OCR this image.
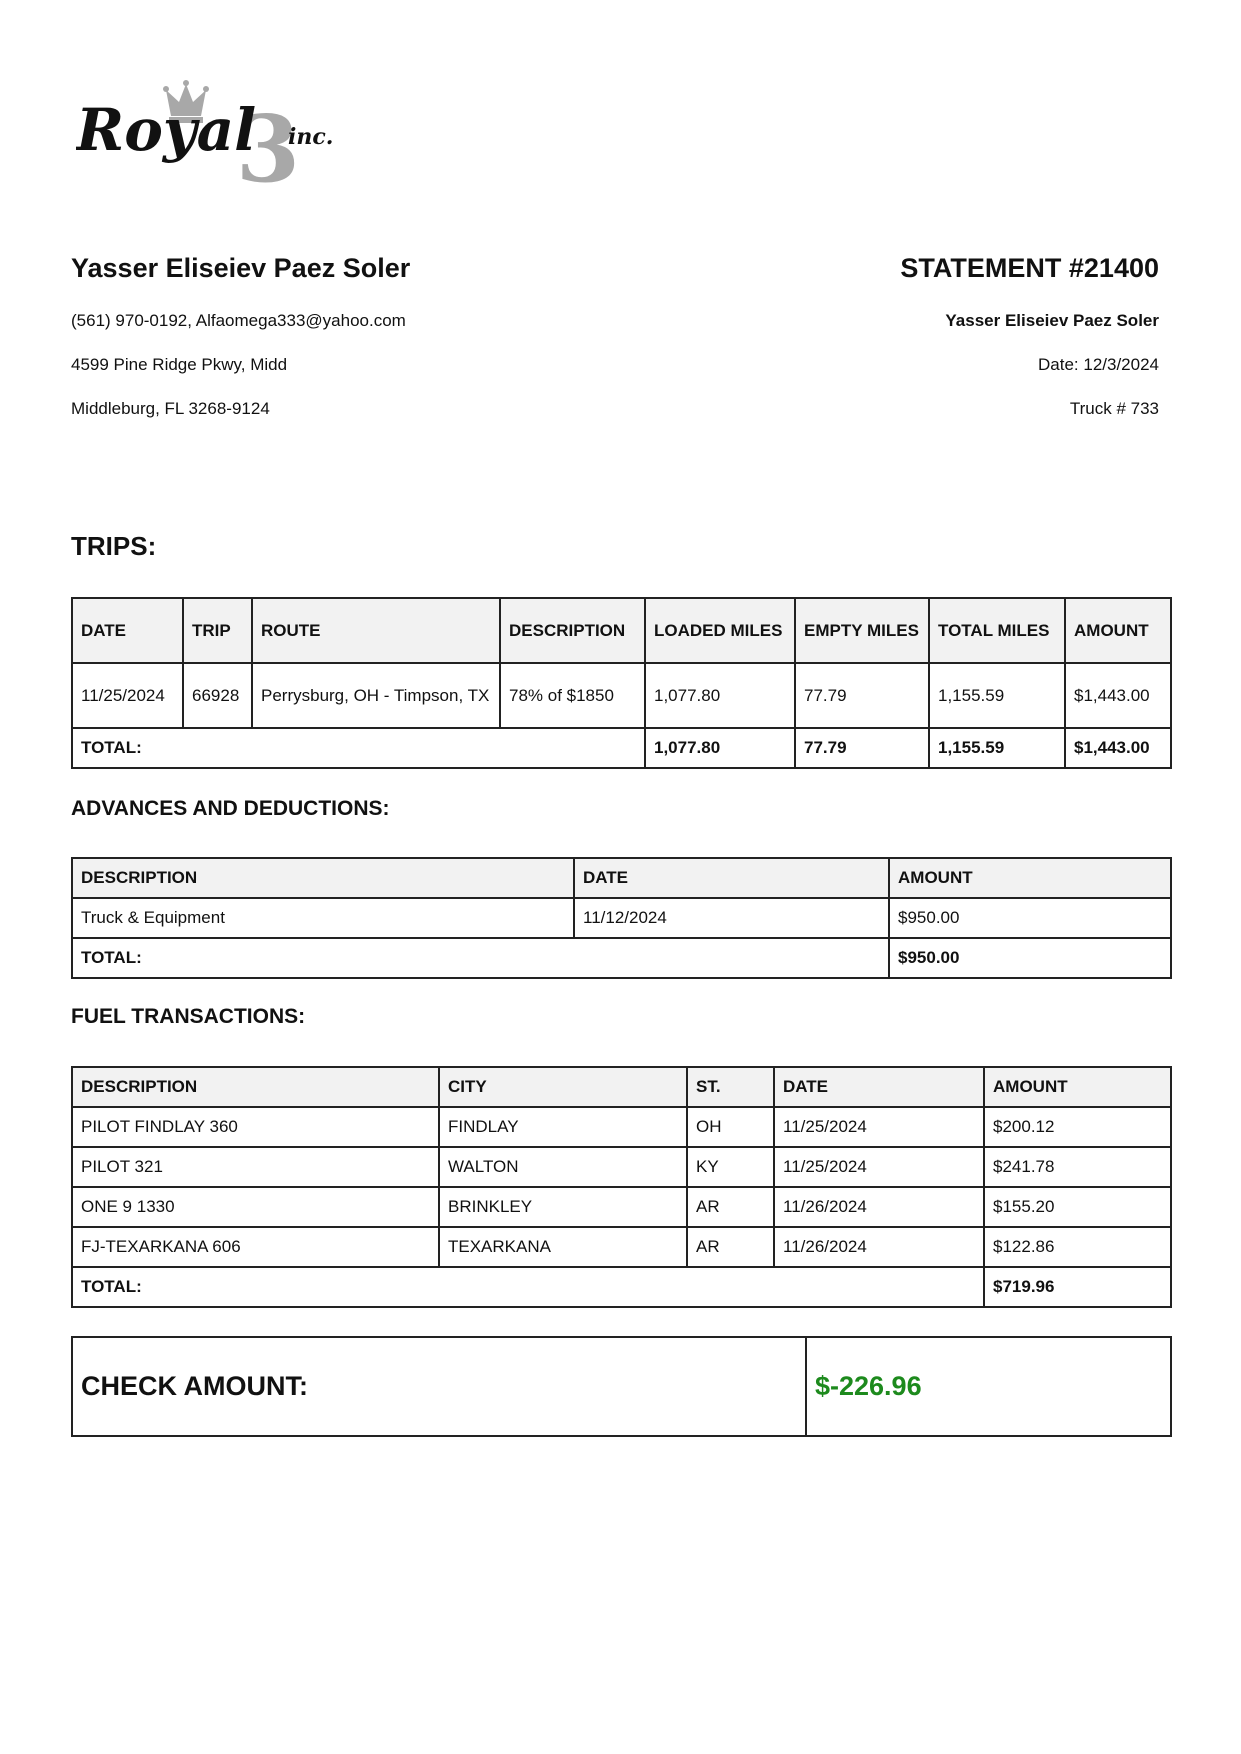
3
Royal inc.
Yasser Eliseiev Paez Soler
(561) 970-0192, Alfaomega333@yahoo.com
4599 Pine Ridge Pkwy, Midd
Middleburg, FL 3268-9124
STATEMENT #21400
Yasser Eliseiev Paez Soler
Date: 12/3/2024
Truck # 733
TRIPS:
DATE	TRIP	ROUTE	DESCRIPTION	LOADED MILES	EMPTY MILES	TOTAL MILES	AMOUNT
11/25/2024	66928	Perrysburg, OH - Timpson, TX	78% of $1850	1,077.80	77.79	1,155.59	$1,443.00
TOTAL:				1,077.80	77.79	1,155.59	$1,443.00
ADVANCES AND DEDUCTIONS:
DESCRIPTION	DATE	AMOUNT
Truck & Equipment	11/12/2024	$950.00
TOTAL:		$950.00
FUEL TRANSACTIONS:
DESCRIPTION	CITY	ST.	DATE	AMOUNT
PILOT FINDLAY 360	FINDLAY	OH	11/25/2024	$200.12
PILOT 321	WALTON	KY	11/25/2024	$241.78
ONE 9 1330	BRINKLEY	AR	11/26/2024	$155.20
FJ-TEXARKANA 606	TEXARKANA	AR	11/26/2024	$122.86
TOTAL:				$719.96
CHECK AMOUNT:	$-226.96
